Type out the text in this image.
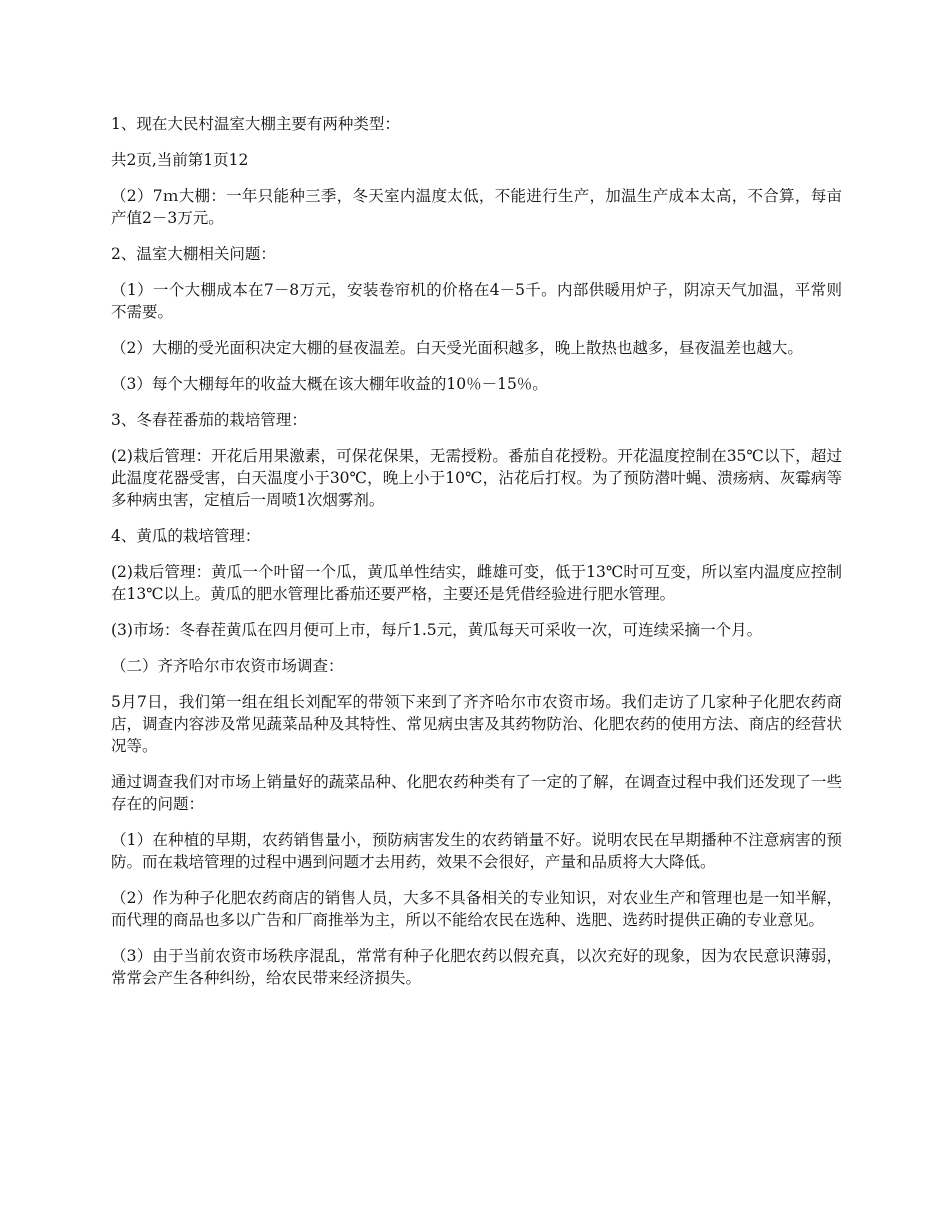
1、现在大民村温室大棚主要有两种类型：

共2页,当前第1页12

（2）7ｍ大棚：一年只能种三季，冬天室内温度太低，不能进行生产，加温生产成本太高，不合算，每亩产值2－3万元。

2、温室大棚相关问题：

（1）一个大棚成本在7－8万元，安装卷帘机的价格在4－5千。内部供暖用炉子，阴凉天气加温，平常则不需要。

（2）大棚的受光面积决定大棚的昼夜温差。白天受光面积越多，晚上散热也越多，昼夜温差也越大。

（3）每个大棚每年的收益大概在该大棚年收益的10％－15％。

3、冬春茬番茄的栽培管理：

(2)栽后管理：开花后用果激素，可保花保果，无需授粉。番茄自花授粉。开花温度控制在35℃以下，超过此温度花器受害，白天温度小于30℃，晚上小于10℃，沾花后打杈。为了预防潜叶蝇、溃疡病、灰霉病等多种病虫害，定植后一周喷1次烟雾剂。

4、黄瓜的栽培管理：

(2)栽后管理：黄瓜一个叶留一个瓜，黄瓜单性结实，雌雄可变，低于13℃时可互变，所以室内温度应控制在13℃以上。黄瓜的肥水管理比番茄还要严格，主要还是凭借经验进行肥水管理。

(3)市场：冬春茬黄瓜在四月便可上市，每斤1.5元，黄瓜每天可采收一次，可连续采摘一个月。

（二）齐齐哈尔市农资市场调查：

5月7日，我们第一组在组长刘配军的带领下来到了齐齐哈尔市农资市场。我们走访了几家种子化肥农药商店，调查内容涉及常见蔬菜品种及其特性、常见病虫害及其药物防治、化肥农药的使用方法、商店的经营状况等。

通过调查我们对市场上销量好的蔬菜品种、化肥农药种类有了一定的了解，在调查过程中我们还发现了一些存在的问题：

（1）在种植的早期，农药销售量小，预防病害发生的农药销量不好。说明农民在早期播种不注意病害的预防。而在栽培管理的过程中遇到问题才去用药，效果不会很好，产量和品质将大大降低。

（2）作为种子化肥农药商店的销售人员，大多不具备相关的专业知识，对农业生产和管理也是一知半解，而代理的商品也多以广告和厂商推举为主，所以不能给农民在选种、选肥、选药时提供正确的专业意见。

（3）由于当前农资市场秩序混乱，常常有种子化肥农药以假充真，以次充好的现象，因为农民意识薄弱，常常会产生各种纠纷，给农民带来经济损失。
